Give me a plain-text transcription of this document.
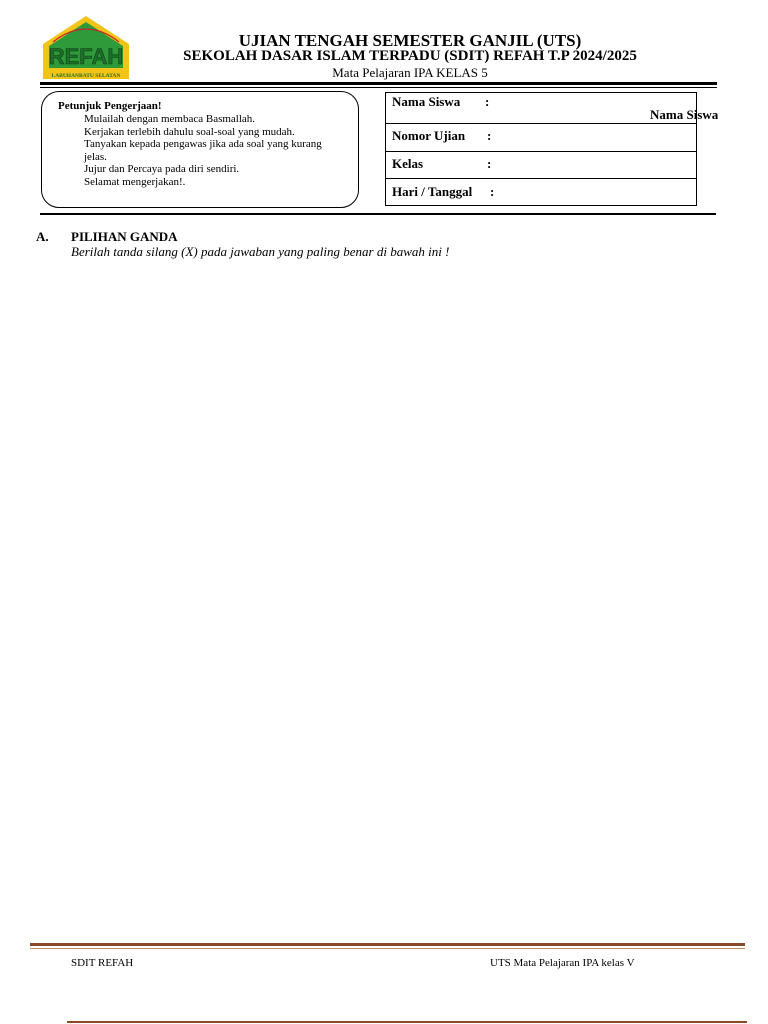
REFAH
LABUHANBATU SELATAN
UJIAN TENGAH SEMESTER GANJIL (UTS)
SEKOLAH DASAR ISLAM TERPADU (SDIT) REFAH T.P 2024/2025
Mata Pelajaran IPA KELAS 5
Petunjuk Pengerjaan!
Mulailah dengan membaca Basmallah.
Kerjakan terlebih dahulu soal-soal yang mudah.
Tanyakan kepada pengawas jika ada soal yang kurang jelas.
Jujur dan Percaya pada diri sendiri.
Selamat mengerjakan!.
Nama Siswa :
Nomor Ujian :
Kelas	:
Hari / Tanggal :
Nama Siswa
A. PILIHAN GANDA
Berilah tanda silang (X) pada jawaban yang paling benar di bawah ini !
SDIT REFAH	UTS Mata Pelajaran IPA kelas V
